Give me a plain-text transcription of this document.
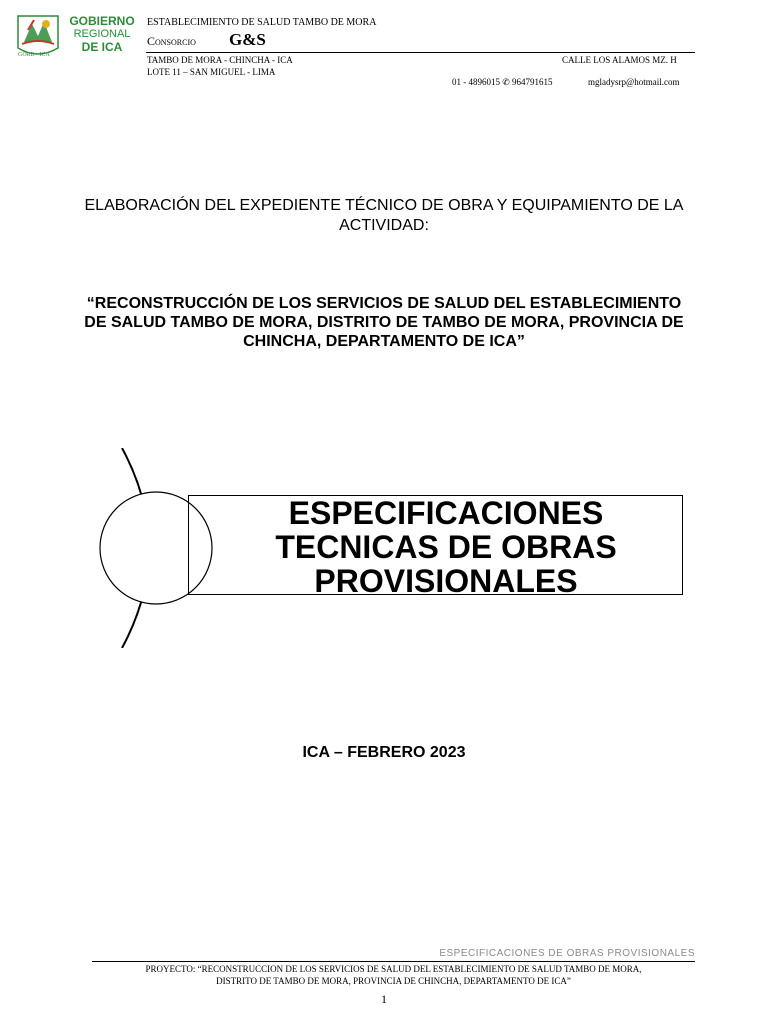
GORE - ICA
GOBIERNO
REGIONAL
DE ICA
ESTABLECIMIENTO DE SALUD TAMBO DE MORA
Consorcio G&S
TAMBO DE MORA - CHINCHA - ICA	CALLE LOS ALAMOS MZ. H
LOTE 11 – SAN MIGUEL - LIMA
01 - 4896015 ✆ 964791615	mgladysrp@hotmail.com
ELABORACIÓN DEL EXPEDIENTE TÉCNICO DE OBRA Y EQUIPAMIENTO DE LA ACTIVIDAD:
“RECONSTRUCCIÓN DE LOS SERVICIOS DE SALUD DEL ESTABLECIMIENTO DE SALUD TAMBO DE MORA, DISTRITO DE TAMBO DE MORA, PROVINCIA DE CHINCHA, DEPARTAMENTO DE ICA”
ESPECIFICACIONES TECNICAS DE OBRAS PROVISIONALES
ICA – FEBRERO 2023
ESPECIFICACIONES DE OBRAS PROVISIONALES
PROYECTO: “RECONSTRUCCION DE LOS SERVICIOS DE SALUD DEL ESTABLECIMIENTO DE SALUD TAMBO DE MORA,
DISTRITO DE TAMBO DE MORA, PROVINCIA DE CHINCHA, DEPARTAMENTO DE ICA”
1
